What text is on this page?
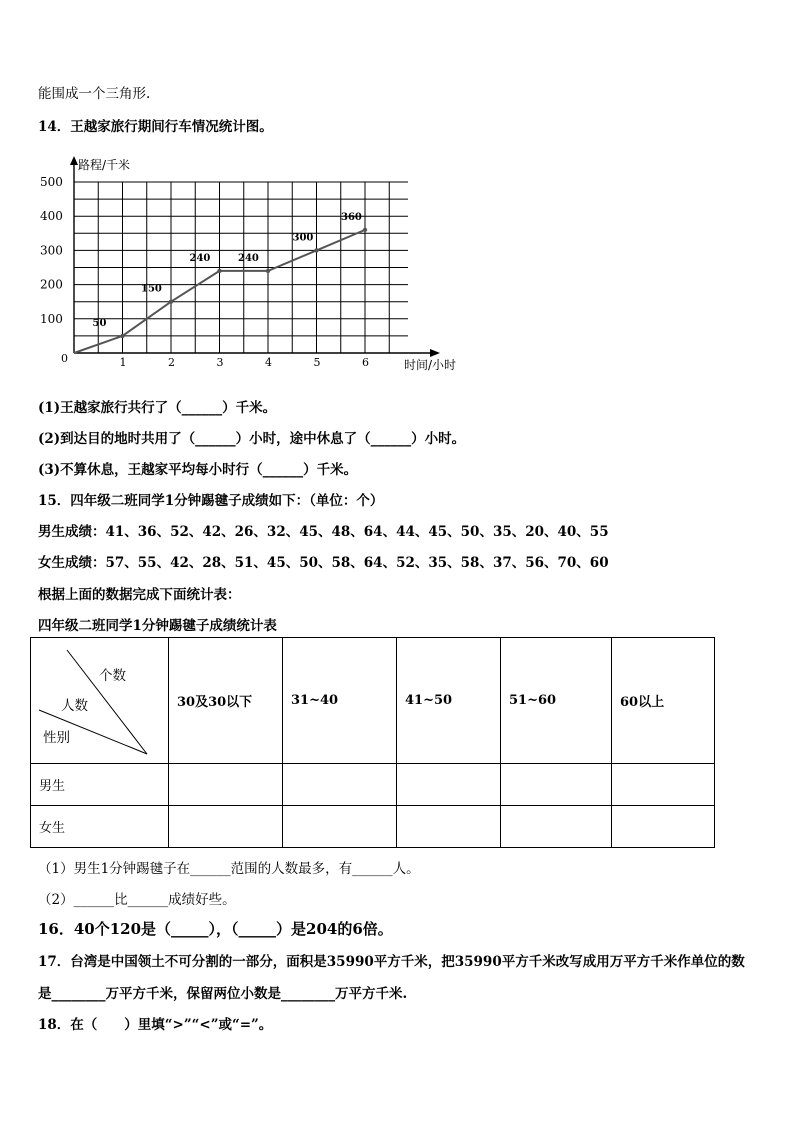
能围成一个三角形.
14．王越家旅行期间行车情况统计图。
路程/千米
时间/小时
0
100
200
300
400
500
1	2	3	4	5	6
50
150
240	240
300
360
(1)王越家旅行共行了（______）千米。
(2)到达目的地时共用了（______）小时，途中休息了（______）小时。
(3)不算休息，王越家平均每小时行（______）千米。
15．四年级二班同学1分钟踢毽子成绩如下：（单位：个）
男生成绩：41、36、52、42、26、32、45、48、64、44、45、50、35、20、40、55
女生成绩：57、55、42、28、51、45、50、58、64、52、35、58、37、56、70、60
根据上面的数据完成下面统计表：
四年级二班同学1分钟踢毽子成绩统计表
个数
人数
性别	30及30以下	31~40	41~50	51~60	60以上
男生					
女生					
（1）男生1分钟踢毽子在______范围的人数最多，有______人。
（2）______比______成绩好些。
16．40个120是（_____），（_____）是204的6倍。
17．台湾是中国领土不可分割的一部分，面积是35990平方千米，把35990平方千米改写成用万平方千米作单位的数
是________万平方千米，保留两位小数是________万平方千米.
18．在（　　）里填“>”“<”或“=”。
